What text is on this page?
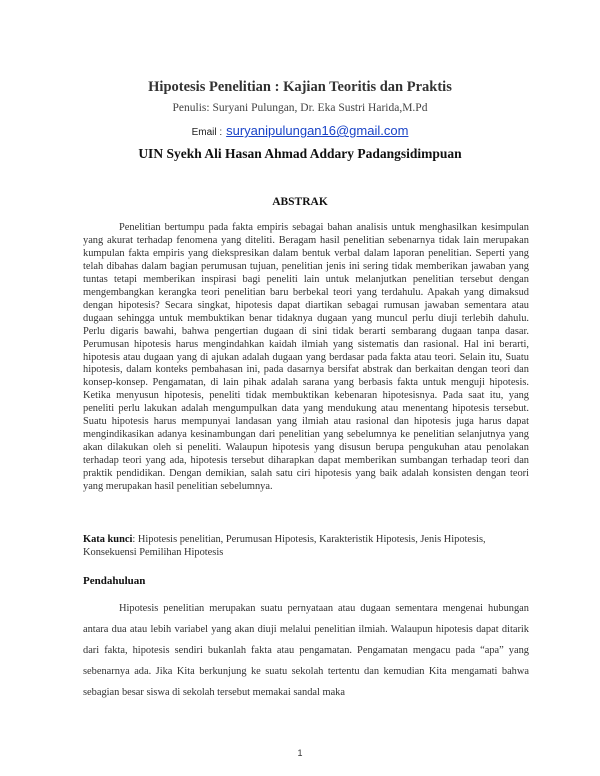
Hipotesis Penelitian : Kajian Teoritis dan Praktis
Penulis: Suryani Pulungan, Dr. Eka Sustri Harida,M.Pd
Email : suryanipulungan16@gmail.com
UIN Syekh Ali Hasan Ahmad Addary Padangsidimpuan
ABSTRAK

Penelitian bertumpu pada fakta empiris sebagai bahan analisis untuk menghasilkan kesimpulan yang akurat terhadap fenomena yang diteliti. Beragam hasil penelitian sebenarnya tidak lain merupakan kumpulan fakta empiris yang diekspresikan dalam bentuk verbal dalam laporan penelitian. Seperti yang telah dibahas dalam bagian perumusan tujuan, penelitian jenis ini sering tidak memberikan jawaban yang tuntas tetapi memberikan inspirasi bagi peneliti lain untuk melanjutkan penelitian tersebut dengan mengembangkan kerangka teori penelitian baru berbekal teori yang terdahulu. Apakah yang dimaksud dengan hipotesis? Secara singkat, hipotesis dapat diartikan sebagai rumusan jawaban sementara atau dugaan sehingga untuk membuktikan benar tidaknya dugaan yang muncul perlu diuji terlebih dahulu. Perlu digaris bawahi, bahwa pengertian dugaan di sini tidak berarti sembarang dugaan tanpa dasar. Perumusan hipotesis harus mengindahkan kaidah ilmiah yang sistematis dan rasional. Hal ini berarti, hipotesis atau dugaan yang di ajukan adalah dugaan yang berdasar pada fakta atau teori. Selain itu, Suatu hipotesis, dalam konteks pembahasan ini, pada dasarnya bersifat abstrak dan berkaitan dengan teori dan konsep-konsep. Pengamatan, di lain pihak adalah sarana yang berbasis fakta untuk menguji hipotesis. Ketika menyusun hipotesis, peneliti tidak membuktikan kebenaran hipotesisnya. Pada saat itu, yang peneliti perlu lakukan adalah mengumpulkan data yang mendukung atau menentang hipotesis tersebut. Suatu hipotesis harus mempunyai landasan yang ilmiah atau rasional dan hipotesis juga harus dapat mengindikasikan adanya kesinambungan dari penelitian yang sebelumnya ke penelitian selanjutnya yang akan dilakukan oleh si peneliti. Walaupun hipotesis yang disusun berupa pengukuhan atau penolakan terhadap teori yang ada, hipotesis tersebut diharapkan dapat memberikan sumbangan terhadap teori dan praktik pendidikan. Dengan demikian, salah satu ciri hipotesis yang baik adalah konsisten dengan teori yang merupakan hasil penelitian sebelumnya.

Kata kunci: Hipotesis penelitian, Perumusan Hipotesis, Karakteristik Hipotesis, Jenis Hipotesis, Konsekuensi Pemilihan Hipotesis

Pendahuluan

Hipotesis penelitian merupakan suatu pernyataan atau dugaan sementara mengenai hubungan antara dua atau lebih variabel yang akan diuji melalui penelitian ilmiah. Walaupun hipotesis dapat ditarik dari fakta, hipotesis sendiri bukanlah fakta atau pengamatan. Pengamatan mengacu pada “apa” yang sebenarnya ada. Jika Kita berkunjung ke suatu sekolah tertentu dan kemudian Kita mengamati bahwa sebagian besar siswa di sekolah tersebut memakai sandal maka

1
